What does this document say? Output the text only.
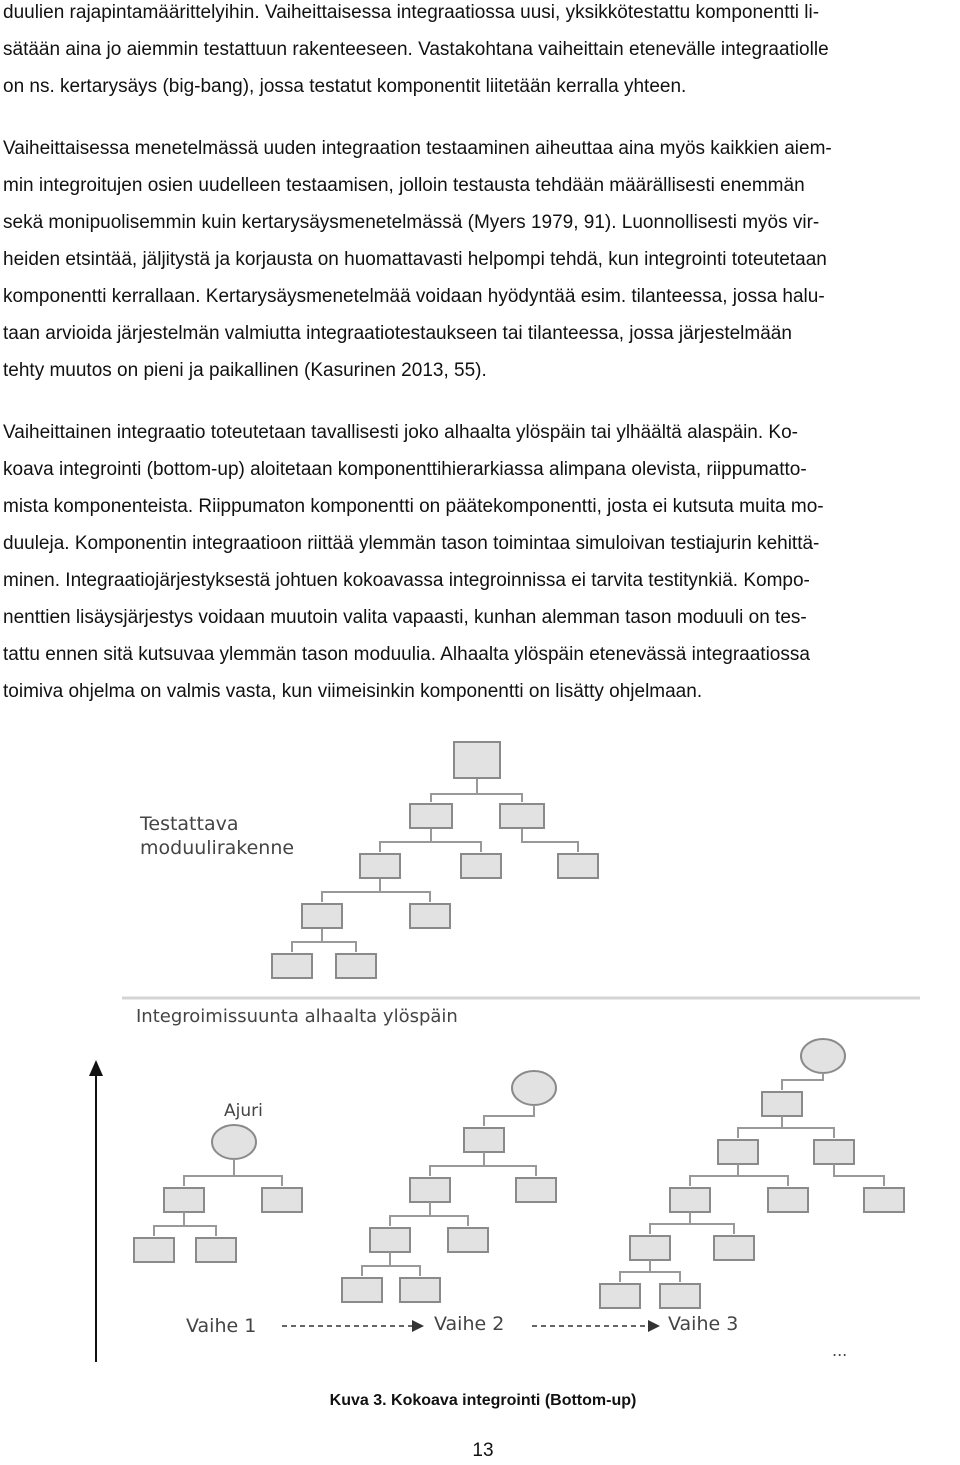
duulien rajapintamäärittelyihin. Vaiheittaisessa integraatiossa uusi, yksikkötestattu komponentti li-
sätään aina jo aiemmin testattuun rakenteeseen. Vastakohtana vaiheittain etenevälle integraatiolle
on ns. kertarysäys (big-bang), jossa testatut komponentit liitetään kerralla yhteen.
Vaiheittaisessa menetelmässä uuden integraation testaaminen aiheuttaa aina myös kaikkien aiem-
min integroitujen osien uudelleen testaamisen, jolloin testausta tehdään määrällisesti enemmän
sekä monipuolisemmin kuin kertarysäysmenetelmässä (Myers 1979, 91). Luonnollisesti myös vir-
heiden etsintää, jäljitystä ja korjausta on huomattavasti helpompi tehdä, kun integrointi toteutetaan
komponentti kerrallaan. Kertarysäysmenetelmää voidaan hyödyntää esim. tilanteessa, jossa halu-
taan arvioida järjestelmän valmiutta integraatiotestaukseen tai tilanteessa, jossa järjestelmään
tehty muutos on pieni ja paikallinen (Kasurinen 2013, 55).
Vaiheittainen integraatio toteutetaan tavallisesti joko alhaalta ylöspäin tai ylhäältä alaspäin. Ko-
koava integrointi (bottom-up) aloitetaan komponenttihierarkiassa alimpana olevista, riippumatto-
mista komponenteista. Riippumaton komponentti on päätekomponentti, josta ei kutsuta muita mo-
duuleja. Komponentin integraatioon riittää ylemmän tason toimintaa simuloivan testiajurin kehittä-
minen. Integraatiojärjestyksestä johtuen kokoavassa integroinnissa ei tarvita testitynkiä. Kompo-
nenttien lisäysjärjestys voidaan muutoin valita vapaasti, kunhan alemman tason moduuli on tes-
tattu ennen sitä kutsuvaa ylemmän tason moduulia. Alhaalta ylöspäin etenevässä integraatiossa
toimiva ohjelma on valmis vasta, kun viimeisinkin komponentti on lisätty ohjelmaan.
Testattava
moduulirakenne
Integroimissuunta alhaalta ylöspäin
Ajuri
Vaihe 1	Vaihe 2	Vaihe 3
...
Kuva 3. Kokoava integrointi (Bottom-up)
13
